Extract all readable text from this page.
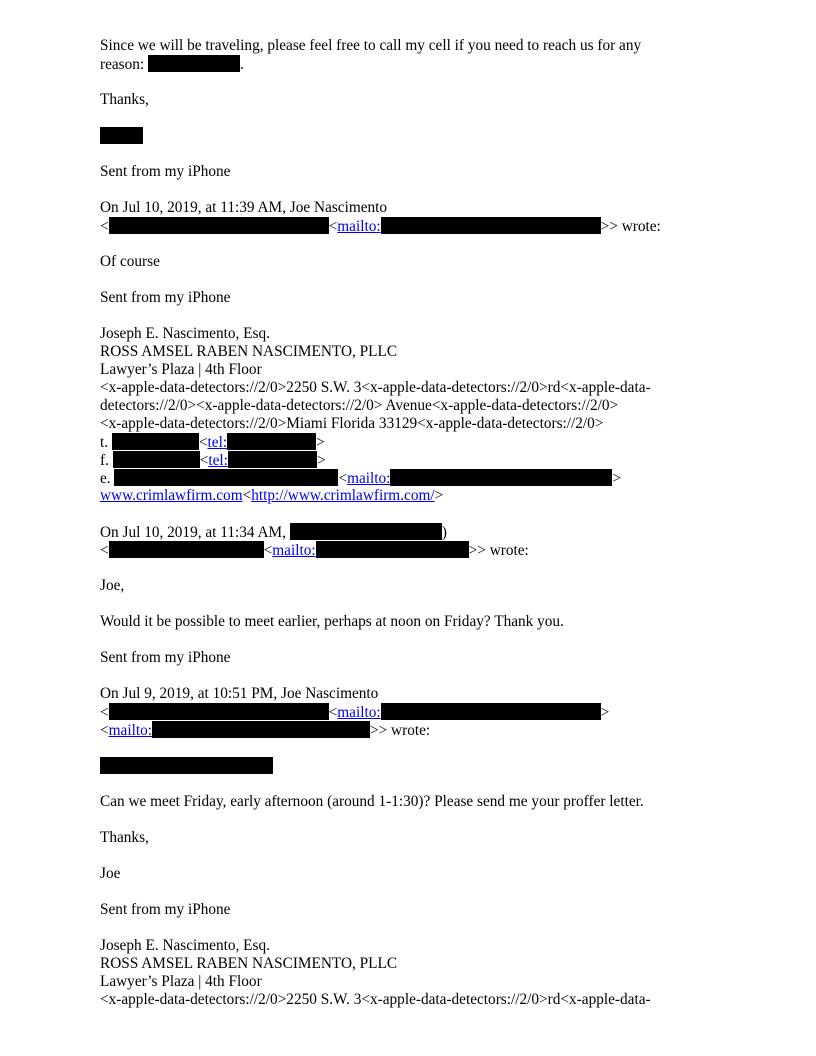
Since we will be traveling, please feel free to call my cell if you need to reach us for any
reason:	.
Thanks,
Sent from my iPhone
On Jul 10, 2019, at 11:39 AM, Joe Nascimento
<	<mailto:	>> wrote:
Of course
Sent from my iPhone
Joseph E. Nascimento, Esq.
ROSS AMSEL RABEN NASCIMENTO, PLLC
Lawyer’s Plaza | 4th Floor
<x-apple-data-detectors://2/0>2250 S.W. 3<x-apple-data-detectors://2/0>rd<x-apple-data-
detectors://2/0><x-apple-data-detectors://2/0> Avenue<x-apple-data-detectors://2/0>
<x-apple-data-detectors://2/0>Miami Florida 33129<x-apple-data-detectors://2/0>
t.	<tel:	>
f.	<tel:	>
e.	<mailto:	>
www.crimlawfirm.com<http://www.crimlawfirm.com/>
On Jul 10, 2019, at 11:34 AM,	)
<	<mailto:	>> wrote:
Joe,
Would it be possible to meet earlier, perhaps at noon on Friday? Thank you.
Sent from my iPhone
On Jul 9, 2019, at 10:51 PM, Joe Nascimento
<	<mailto:	>
<mailto:	>> wrote:
Can we meet Friday, early afternoon (around 1-1:30)? Please send me your proffer letter.
Thanks,
Joe
Sent from my iPhone
Joseph E. Nascimento, Esq.
ROSS AMSEL RABEN NASCIMENTO, PLLC
Lawyer’s Plaza | 4th Floor
<x-apple-data-detectors://2/0>2250 S.W. 3<x-apple-data-detectors://2/0>rd<x-apple-data-
